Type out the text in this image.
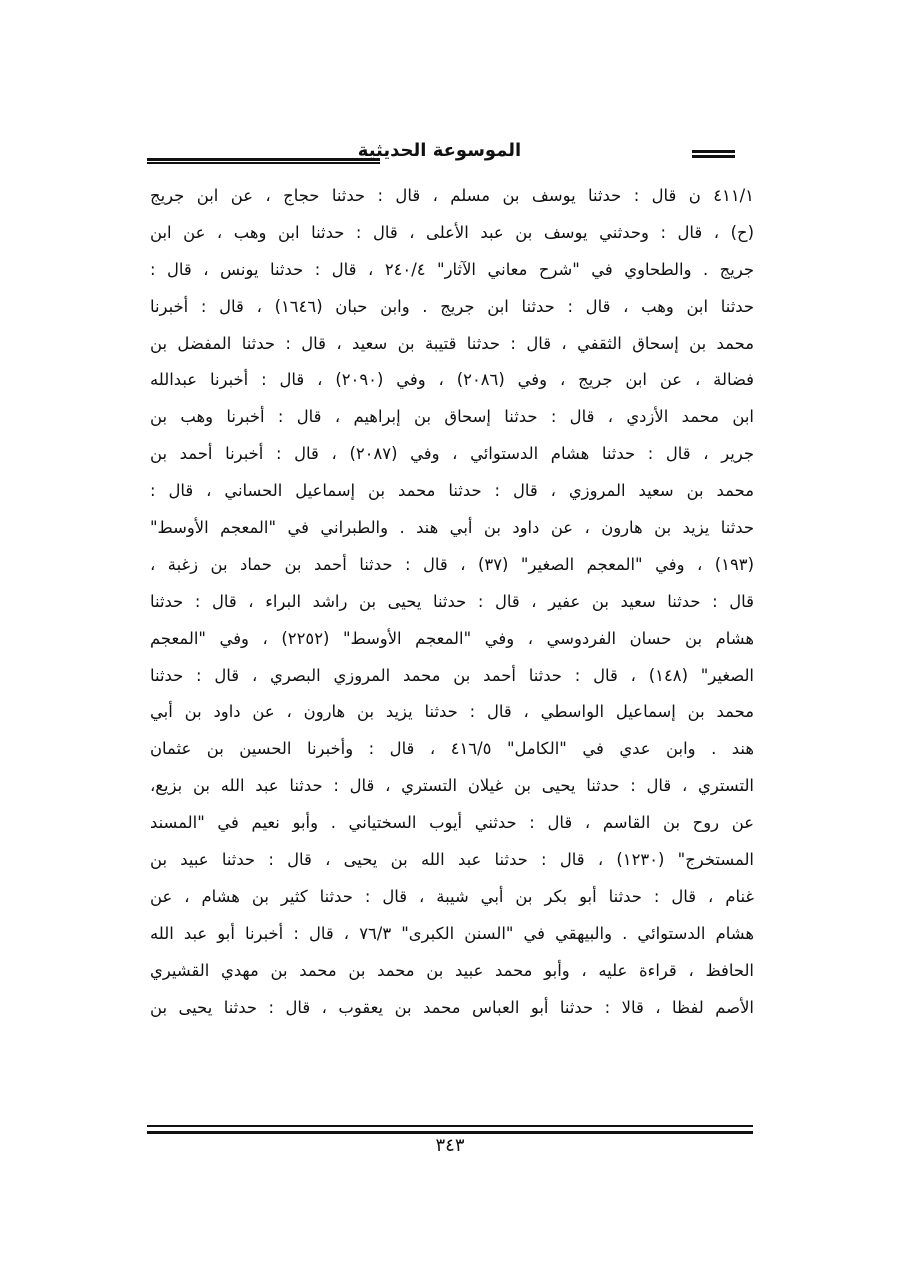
الموسوعة الحديثية
٤١١/١ ن قال : حدثنا يوسف بن مسلم ، قال : حدثنا حجاج ، عن ابن جريج
(ح) ، قال : وحدثني يوسف بن عبد الأعلى ، قال : حدثنا ابن وهب ، عن ابن
جريج . والطحاوي في "شرح معاني الآثار" ٢٤٠/٤ ، قال : حدثنا يونس ، قال :
حدثنا ابن وهب ، قال : حدثنا ابن جريج . وابن حبان (١٦٤٦) ، قال : أخبرنا
محمد بن إسحاق الثقفي ، قال : حدثنا قتيبة بن سعيد ، قال : حدثنا المفضل بن
فضالة ، عن ابن جريج ، وفي (٢٠٨٦) ، وفي (٢٠٩٠) ، قال : أخبرنا عبدالله
ابن محمد الأزدي ، قال : حدثنا إسحاق بن إبراهيم ، قال : أخبرنا وهب بن
جرير ، قال : حدثنا هشام الدستوائي ، وفي (٢٠٨٧) ، قال : أخبرنا أحمد بن
محمد بن سعيد المروزي ، قال : حدثنا محمد بن إسماعيل الحساني ، قال :
حدثنا يزيد بن هارون ، عن داود بن أبي هند . والطبراني في "المعجم الأوسط"
(١٩٣) ، وفي "المعجم الصغير" (٣٧) ، قال : حدثنا أحمد بن حماد بن زغبة ،
قال : حدثنا سعيد بن عفير ، قال : حدثنا يحيى بن راشد البراء ، قال : حدثنا
هشام بن حسان الفردوسي ، وفي "المعجم الأوسط" (٢٢٥٢) ، وفي "المعجم
الصغير" (١٤٨) ، قال : حدثنا أحمد بن محمد المروزي البصري ، قال : حدثنا
محمد بن إسماعيل الواسطي ، قال : حدثنا يزيد بن هارون ، عن داود بن أبي
هند . وابن عدي في "الكامل" ٤١٦/٥ ، قال : وأخبرنا الحسين بن عثمان
التستري ، قال : حدثنا يحيى بن غيلان التستري ، قال : حدثنا عبد الله بن بزيع،
عن روح بن القاسم ، قال : حدثني أيوب السختياني . وأبو نعيم في "المسند
المستخرج" (١٢٣٠) ، قال : حدثنا عبد الله بن يحيى ، قال : حدثنا عبيد بن
غنام ، قال : حدثنا أبو بكر بن أبي شيبة ، قال : حدثنا كثير بن هشام ، عن
هشام الدستوائي . والبيهقي في "السنن الكبرى" ٧٦/٣ ، قال : أخبرنا أبو عبد الله
الحافظ ، قراءة عليه ، وأبو محمد عبيد بن محمد بن محمد بن مهدي القشيري
الأصم لفظا ، قالا : حدثنا أبو العباس محمد بن يعقوب ، قال : حدثنا يحيى بن
٣٤٣
